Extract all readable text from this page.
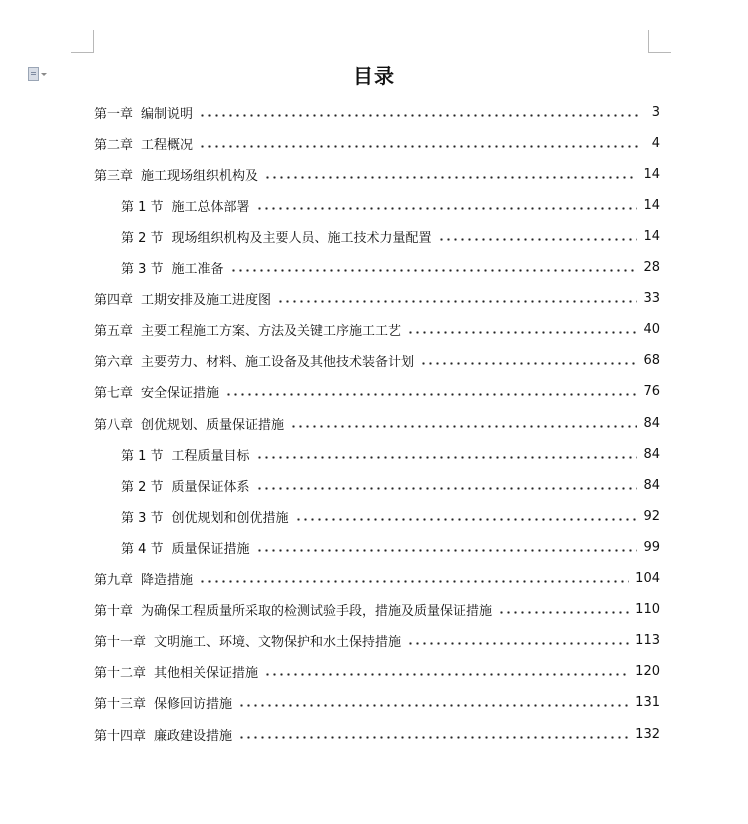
目录
第一章 编制说明	3
第二章 工程概况	4
第三章 施工现场组织机构及	14
第 1 节 施工总体部署	14
第 2 节 现场组织机构及主要人员、施工技术力量配置	14
第 3 节 施工准备	28
第四章 工期安排及施工进度图	33
第五章 主要工程施工方案、方法及关键工序施工工艺	40
第六章 主要劳力、材料、施工设备及其他技术装备计划	68
第七章 安全保证措施	76
第八章 创优规划、质量保证措施	84
第 1 节 工程质量目标	84
第 2 节 质量保证体系	84
第 3 节 创优规划和创优措施	92
第 4 节 质量保证措施	99
第九章 降造措施	104
第十章 为确保工程质量所采取的检测试验手段，措施及质量保证措施	110
第十一章 文明施工、环境、文物保护和水土保持措施	113
第十二章 其他相关保证措施	120
第十三章 保修回访措施	131
第十四章 廉政建设措施	132
